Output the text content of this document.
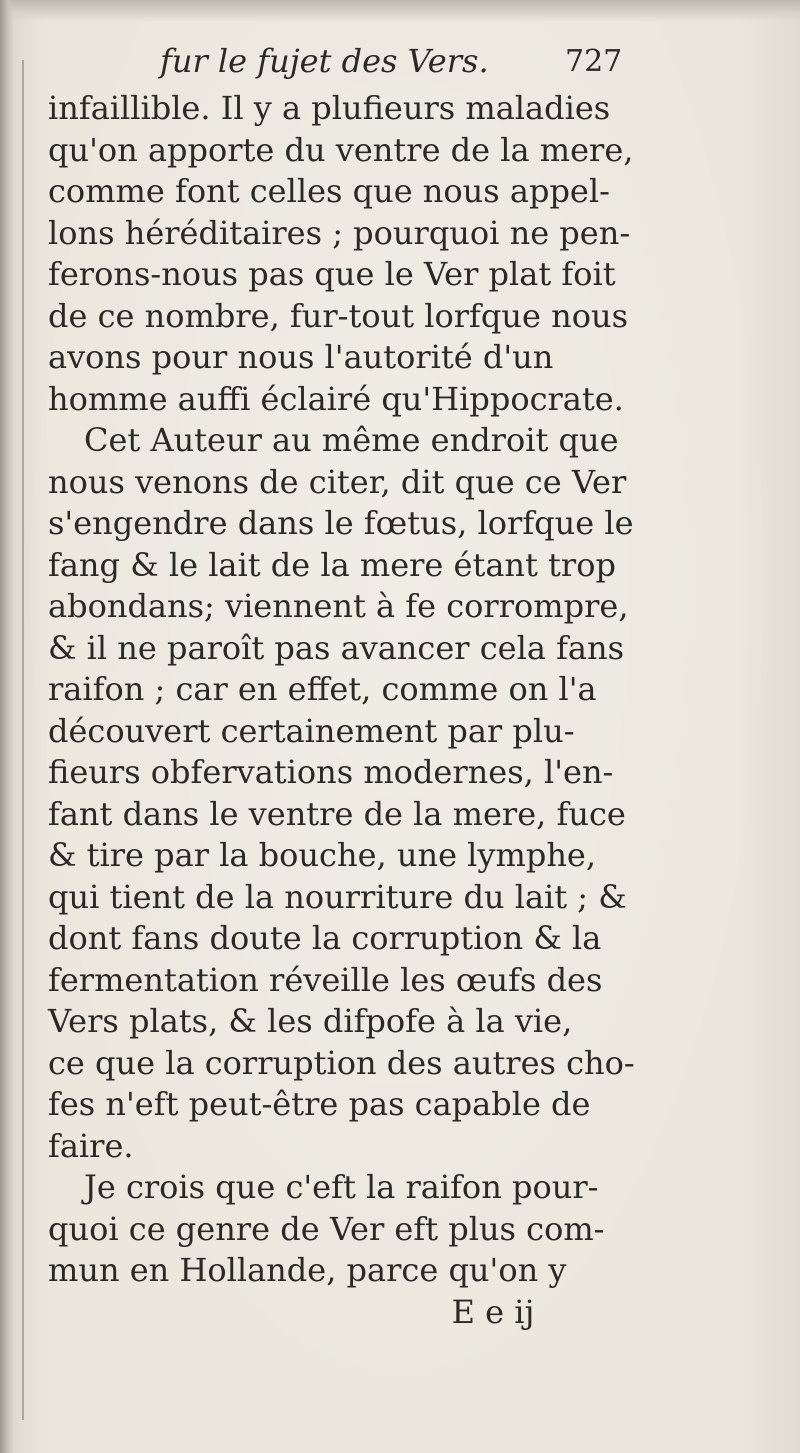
fur le fujet des Vers.	727
infaillible. Il y a plufieurs maladies
qu'on apporte du ventre de la mere,
comme font celles que nous appel-
lons héréditaires ; pourquoi ne pen-
ferons-nous pas que le Ver plat foit
de ce nombre, fur-tout lorfque nous
avons pour nous l'autorité d'un
homme auffi éclairé qu'Hippocrate.
Cet Auteur au même endroit que
nous venons de citer, dit que ce Ver
s'engendre dans le fœtus, lorfque le
fang & le lait de la mere étant trop
abondans; viennent à fe corrompre,
& il ne paroît pas avancer cela fans
raifon ; car en effet, comme on l'a
découvert certainement par plu-
fieurs obfervations modernes, l'en-
fant dans le ventre de la mere, fuce
& tire par la bouche, une lymphe,
qui tient de la nourriture du lait ; &
dont fans doute la corruption & la
fermentation réveille les œufs des
Vers plats, & les difpofe à la vie,
ce que la corruption des autres cho-
fes n'eft peut-être pas capable de
faire.
Je crois que c'eft la raifon pour-
quoi ce genre de Ver eft plus com-
mun en Hollande, parce qu'on y
E e ij
